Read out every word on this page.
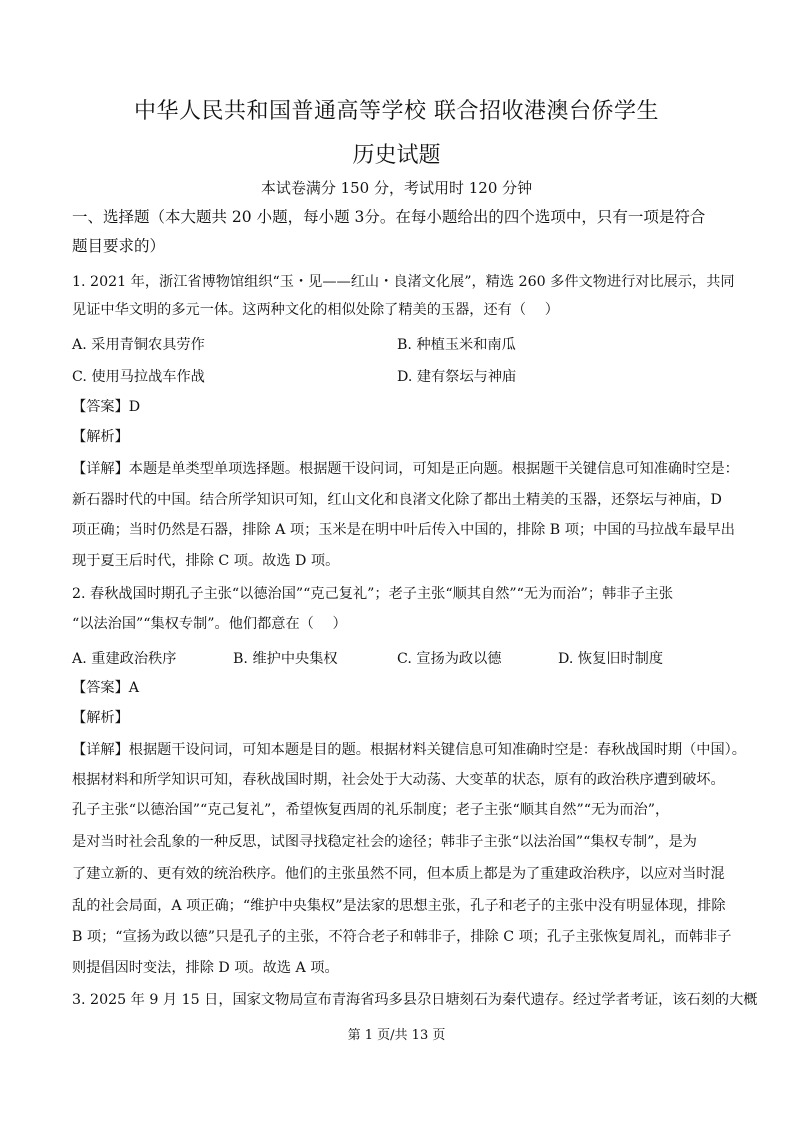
中华人民共和国普通高等学校 联合招收港澳台侨学生
历史试题
本试卷满分 150 分，考试用时 120 分钟
一、选择题（本大题共 20 小题，每小题 3分。在每小题给出的四个选项中，只有一项是符合
题目要求的）
1. 2021 年，浙江省博物馆组织“玉・见——红山・良渚文化展”，精选 260 多件文物进行对比展示，共同
见证中华文明的多元一体。这两种文化的相似处除了精美的玉器，还有（　 ）
A. 采用青铜农具劳作	B. 种植玉米和南瓜
C. 使用马拉战车作战	D. 建有祭坛与神庙
【答案】D
【解析】
【详解】本题是单类型单项选择题。根据题干设问词，可知是正向题。根据题干关键信息可知准确时空是：
新石器时代的中国。结合所学知识可知，红山文化和良渚文化除了都出土精美的玉器，还祭坛与神庙，D
项正确；当时仍然是石器，排除 A 项；玉米是在明中叶后传入中国的，排除 B 项；中国的马拉战车最早出
现于夏王后时代，排除 C 项。故选 D 项。
2. 春秋战国时期孔子主张“以德治国”“克己复礼”；老子主张“顺其自然”“无为而治”；韩非子主张
“以法治国”“集权专制”。他们都意在（　 ）
A. 重建政治秩序	B. 维护中央集权	C. 宣扬为政以德	D. 恢复旧时制度
【答案】A
【解析】
【详解】根据题干设问词，可知本题是目的题。根据材料关键信息可知准确时空是：春秋战国时期（中国）。
根据材料和所学知识可知，春秋战国时期，社会处于大动荡、大变革的状态，原有的政治秩序遭到破坏。
孔子主张“以德治国”“克己复礼”，希望恢复西周的礼乐制度；老子主张“顺其自然”“无为而治”，
是对当时社会乱象的一种反思，试图寻找稳定社会的途径；韩非子主张“以法治国”“集权专制”，是为
了建立新的、更有效的统治秩序。他们的主张虽然不同，但本质上都是为了重建政治秩序，以应对当时混
乱的社会局面，A 项正确；“维护中央集权”是法家的思想主张，孔子和老子的主张中没有明显体现，排除
B 项；“宣扬为政以德”只是孔子的主张，不符合老子和韩非子，排除 C 项；孔子主张恢复周礼，而韩非子
则提倡因时变法，排除 D 项。故选 A 项。
3. 2025 年 9 月 15 日，国家文物局宣布青海省玛多县尕日塘刻石为秦代遗存。经过学者考证，该石刻的大概
第 1 页/共 13 页
